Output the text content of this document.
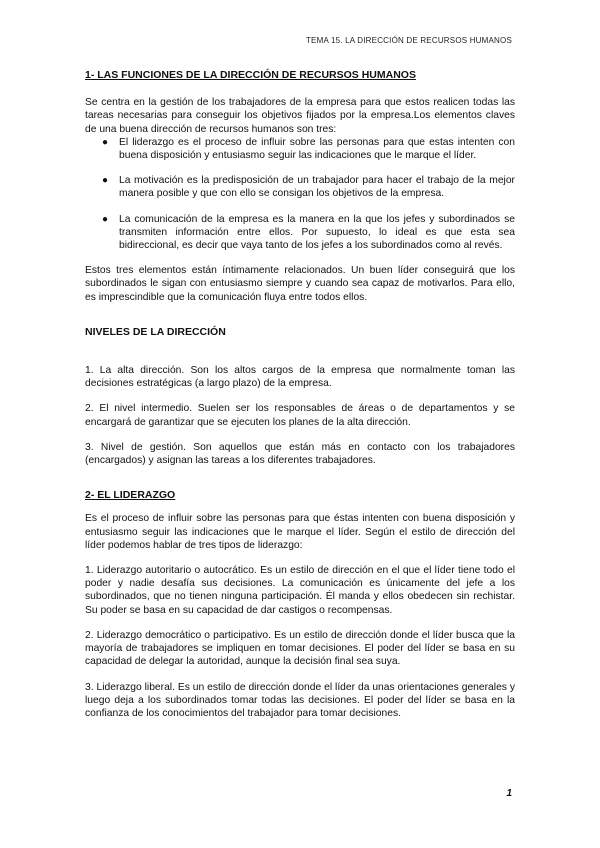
TEMA 15. LA DIRECCIÓN DE RECURSOS HUMANOS
1- LAS FUNCIONES DE LA DIRECCIÓN DE RECURSOS HUMANOS

Se centra en la gestión de los trabajadores de la empresa para que estos realicen todas las tareas necesarias para conseguir los objetivos fijados por la empresa.Los elementos claves de una buena dirección de recursos humanos son tres:

● El liderazgo es el proceso de influir sobre las personas para que estas intenten con buena disposición y entusiasmo seguir las indicaciones que le marque el líder.
● La motivación es la predisposición de un trabajador para hacer el trabajo de la mejor manera posible y que con ello se consigan los objetivos de la empresa.
● La comunicación de la empresa es la manera en la que los jefes y subordinados se transmiten información entre ellos. Por supuesto, lo ideal es que esta sea bidireccional, es decir que vaya tanto de los jefes a los subordinados como al revés.

Estos tres elementos están íntimamente relacionados. Un buen líder conseguirá que los subordinados le sigan con entusiasmo siempre y cuando sea capaz de motivarlos. Para ello, es imprescindible que la comunicación fluya entre todos ellos.

NIVELES DE LA DIRECCIÓN

1. La alta dirección. Son los altos cargos de la empresa que normalmente toman las decisiones estratégicas (a largo plazo) de la empresa.

2. El nivel intermedio. Suelen ser los responsables de áreas o de departamentos y se encargará de garantizar que se ejecuten los planes de la alta dirección.

3. Nivel de gestión. Son aquellos que están más en contacto con los trabajadores (encargados) y asignan las tareas a los diferentes trabajadores.

2- EL LIDERAZGO

Es el proceso de influir sobre las personas para que éstas intenten con buena disposición y entusiasmo seguir las indicaciones que le marque el líder. Según el estilo de dirección del líder podemos hablar de tres tipos de liderazgo:

1. Liderazgo autoritario o autocrático. Es un estilo de dirección en el que el líder tiene todo el poder y nadie desafía sus decisiones. La comunicación es únicamente del jefe a los subordinados, que no tienen ninguna participación. Él manda y ellos obedecen sin rechistar. Su poder se basa en su capacidad de dar castigos o recompensas.

2. Liderazgo democrático o participativo. Es un estilo de dirección donde el líder busca que la mayoría de trabajadores se impliquen en tomar decisiones. El poder del líder se basa en su capacidad de delegar la autoridad, aunque la decisión final sea suya.

3. Liderazgo liberal. Es un estilo de dirección donde el líder da unas orientaciones generales y luego deja a los subordinados tomar todas las decisiones. El poder del líder se basa en la confianza de los conocimientos del trabajador para tomar decisiones.

1
